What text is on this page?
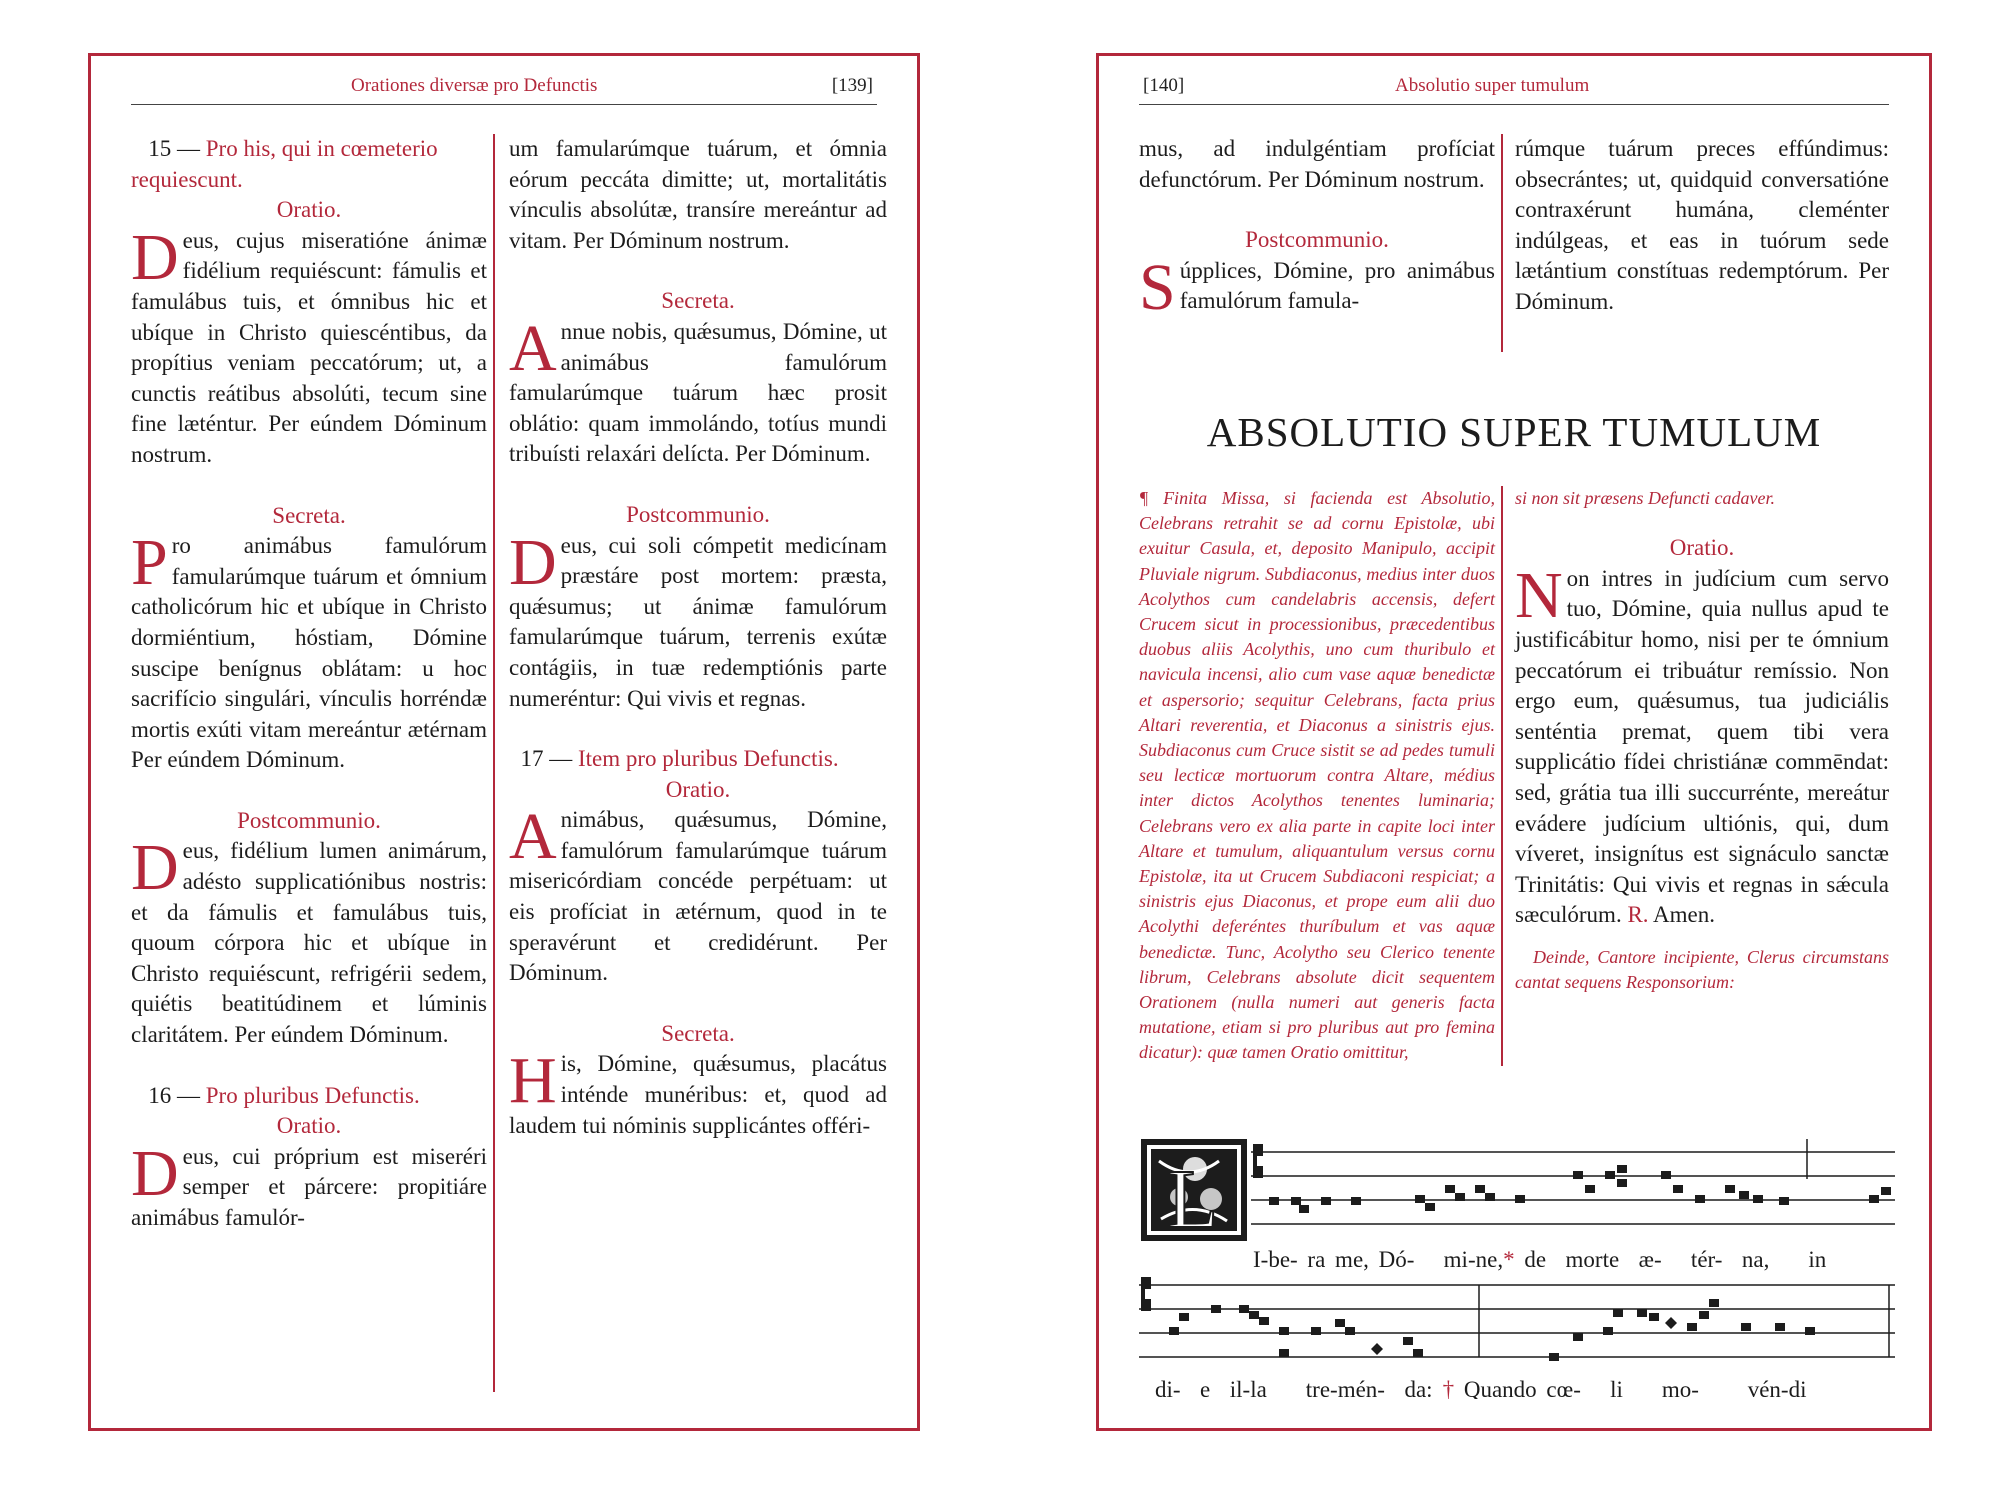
Orationes diversæ pro Defunctis	[139]

15 — Pro his, qui in cœmeterio requiescunt.

Oratio.

Deus, cujus miseratióne ánimæ fidélium requiéscunt: fámulis et famulábus tuis, et ómnibus hic et ubíque in Christo quiescéntibus, da propítius veniam peccatórum; ut, a cunctis reátibus absolúti, tecum sine fine læténtur. Per eúndem Dóminum nostrum.

Secreta.

Pro animábus famulórum famularúmque tuárum et ómnium catholicórum hic et ubíque in Christo dormiéntium, hóstiam, Dómine suscipe benígnus oblátam: u hoc sacrifício singulári, vínculis horréndæ mortis exúti vitam mereántur ætérnam Per eúndem Dóminum.

Postcommunio.

Deus, fidélium lumen animárum, adésto supplicatiónibus nostris: et da fámulis et famulábus tuis, quoum córpora hic et ubíque in Christo requiéscunt, refrigérii sedem, quiétis beatitúdinem et lúminis claritátem. Per eúndem Dóminum.

16 — Pro pluribus Defunctis.

Oratio.

Deus, cui próprium est miseréri semper et párcere: propitiáre animábus famulór-

um famularúmque tuárum, et ómnia eórum peccáta dimitte; ut, mortalitátis vínculis absolútæ, transíre mereántur ad vitam. Per Dóminum nostrum.

Secreta.

Annue nobis, quǽsumus, Dómine, ut animábus famulórum famularúmque tuárum hæc prosit oblátio: quam immolándo, totíus mundi tribuísti relaxári delícta. Per Dóminum.

Postcommunio.

Deus, cui soli cómpetit medicínam præstáre post mortem: præsta, quǽsumus; ut ánimæ famulórum famularúmque tuárum, terrenis exútæ contágiis, in tuæ redemptiónis parte numeréntur: Qui vivis et regnas.

17 — Item pro pluribus Defunctis.

Oratio.

Animábus, quǽsumus, Dómine, famulórum famularúmque tuárum misericórdiam concéde perpétuam: ut eis profíciat in ætérnum, quod in te speravérunt et credidérunt. Per Dóminum.

Secreta.

His, Dómine, quǽsumus, placátus inténde munéribus: et, quod ad laudem tui nóminis supplicántes offéri-

[140]	Absolutio super tumulum

mus, ad indulgéntiam profíciat defunctórum. Per Dóminum nostrum.

Postcommunio.

Súpplices, Dómine, pro animábus famulórum famula-

rúmque tuárum preces effúndimus: obsecrántes; ut, quidquid conversatióne contraxérunt humána, cleménter indúlgeas, et eas in tuórum sede lætántium constítuas redemptórum. Per Dóminum.

ABSOLUTIO SUPER TUMULUM
¶ Finita Missa, si facienda est Absolutio, Celebrans retrahit se ad cornu Epistolæ, ubi exuitur Casula, et, deposito Manipulo, accipit Pluviale nigrum. Subdiaconus, medius inter duos Acolythos cum candelabris accensis, defert Crucem sicut in processionibus, præcedentibus duobus aliis Acolythis, uno cum thuribulo et navicula incensi, alio cum vase aquæ benedictæ et aspersorio; sequitur Celebrans, facta prius Altari reverentia, et Diaconus a sinistris ejus. Subdiaconus cum Cruce sistit se ad pedes tumuli seu lecticæ mortuorum contra Altare, médius inter dictos Acolythos tenentes luminaria; Celebrans vero ex alia parte in capite loci inter Altare et tumulum, aliquantulum versus cornu Epistolæ, ita ut Crucem Subdiaconi respiciat; a sinistris ejus Diaconus, et prope eum alii duo Acolythi deferéntes thuríbulum et vas aquæ benedictæ. Tunc, Acolytho seu Clerico tenente librum, Celebrans absolute dicit sequentem Orationem (nulla numeri aut generis facta mutatione, etiam si pro pluribus aut pro femina dicatur): quæ tamen Oratio omittitur,

si non sit præsens Defuncti cadaver.

Oratio.

Non intres in judícium cum servo tuo, Dómine, quia nullus apud te justificábitur homo, nisi per te ómnium peccatórum ei tribuátur remíssio. Non ergo eum, quǽsumus, tua judiciális senténtia premat, quem tibi vera supplicátio fídei christiánæ commēndat: sed, grátia tua illi succurrénte, mereátur evádere judícium ultiónis, qui, dum víveret, insignítus est signáculo sanctæ Trinitátis: Qui vivis et regnas in sǽcula sæculórum. R. Amen.

Deinde, Cantore incipiente, Clerus circumstans cantat sequens Responsorium:

L
I-be- ra me, Dó-   mi-ne,* de  morte  æ-   tér-  na,    in
di-  e  il-la    tre-mén-  da: † Quando cœ-   li    mo-     vén-di
